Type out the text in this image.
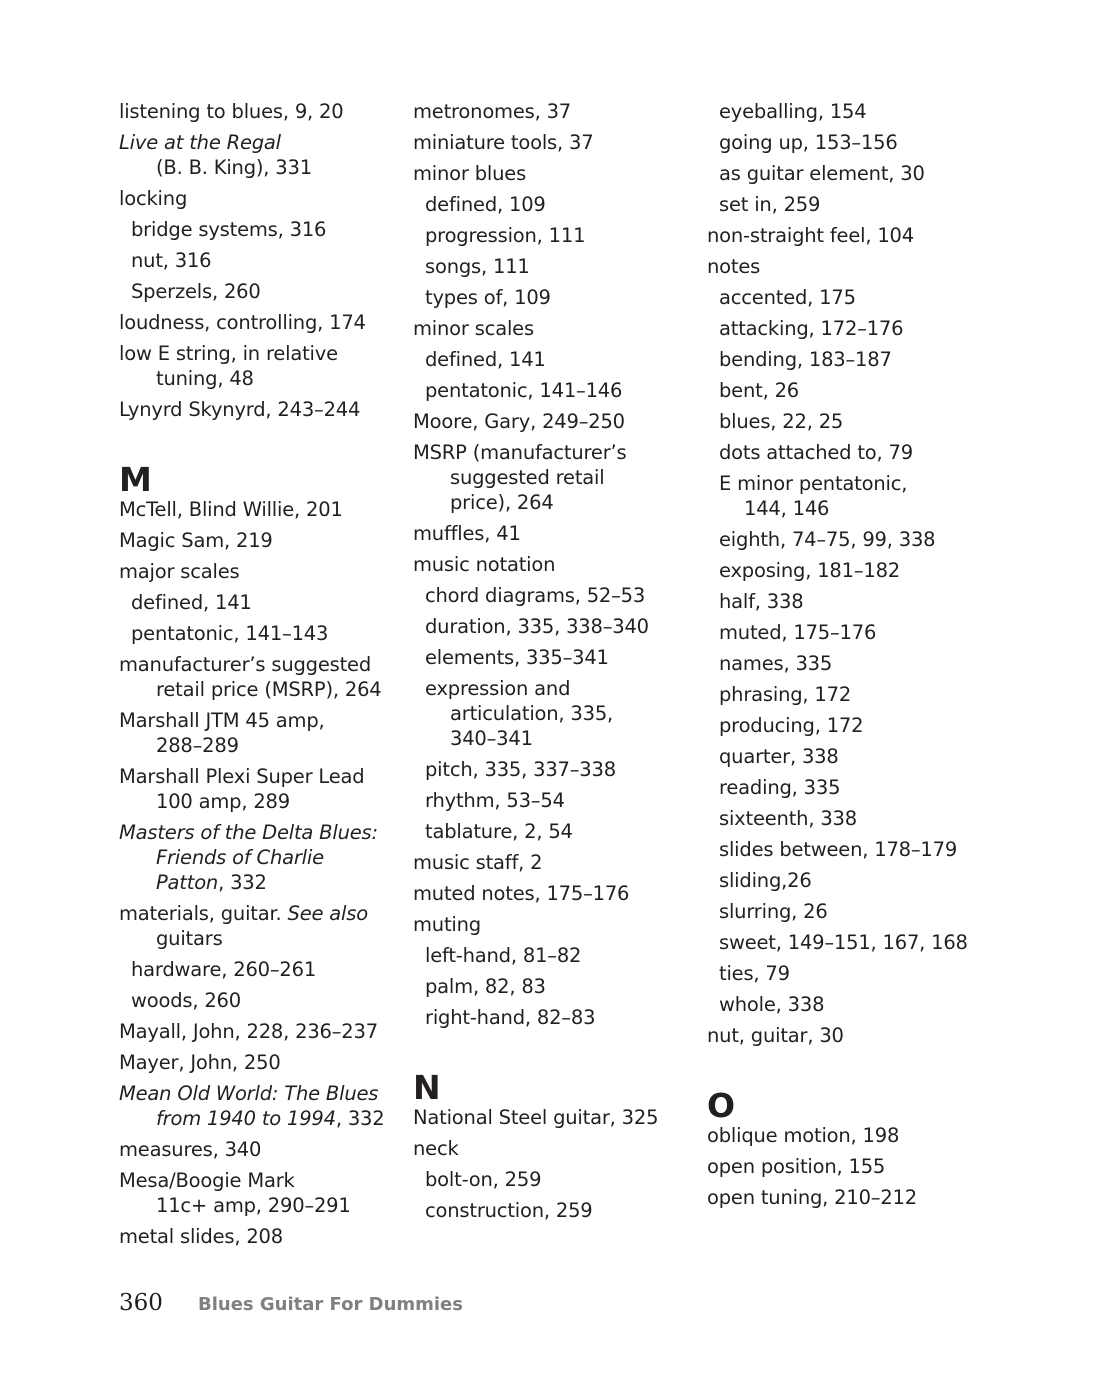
listening to blues, 9, 20
Live at the Regal
(B. B. King), 331
locking
bridge systems, 316
nut, 316
Sperzels, 260
loudness, controlling, 174
low E string, in relative
tuning, 48
Lynyrd Skynyrd, 243–244
M
McTell, Blind Willie, 201
Magic Sam, 219
major scales
defined, 141
pentatonic, 141–143
manufacturer’s suggested
retail price (MSRP), 264
Marshall JTM 45 amp,
288–289
Marshall Plexi Super Lead
100 amp, 289
Masters of the Delta Blues:
Friends of Charlie
Patton, 332
materials, guitar. See also
guitars
hardware, 260–261
woods, 260
Mayall, John, 228, 236–237
Mayer, John, 250
Mean Old World: The Blues
from 1940 to 1994, 332
measures, 340
Mesa/Boogie Mark
11c+ amp, 290–291
metal slides, 208
metronomes, 37
miniature tools, 37
minor blues
defined, 109
progression, 111
songs, 111
types of, 109
minor scales
defined, 141
pentatonic, 141–146
Moore, Gary, 249–250
MSRP (manufacturer’s
suggested retail
price), 264
muffles, 41
music notation
chord diagrams, 52–53
duration, 335, 338–340
elements, 335–341
expression and
articulation, 335,
340–341
pitch, 335, 337–338
rhythm, 53–54
tablature, 2, 54
music staff, 2
muted notes, 175–176
muting
left-hand, 81–82
palm, 82, 83
right-hand, 82–83
N
National Steel guitar, 325
neck
bolt-on, 259
construction, 259
eyeballing, 154
going up, 153–156
as guitar element, 30
set in, 259
non-straight feel, 104
notes
accented, 175
attacking, 172–176
bending, 183–187
bent, 26
blues, 22, 25
dots attached to, 79
E minor pentatonic,
144, 146
eighth, 74–75, 99, 338
exposing, 181–182
half, 338
muted, 175–176
names, 335
phrasing, 172
producing, 172
quarter, 338
reading, 335
sixteenth, 338
slides between, 178–179
sliding,26
slurring, 26
sweet, 149–151, 167, 168
ties, 79
whole, 338
nut, guitar, 30
O
oblique motion, 198
open position, 155
open tuning, 210–212
360 Blues Guitar For Dummies
